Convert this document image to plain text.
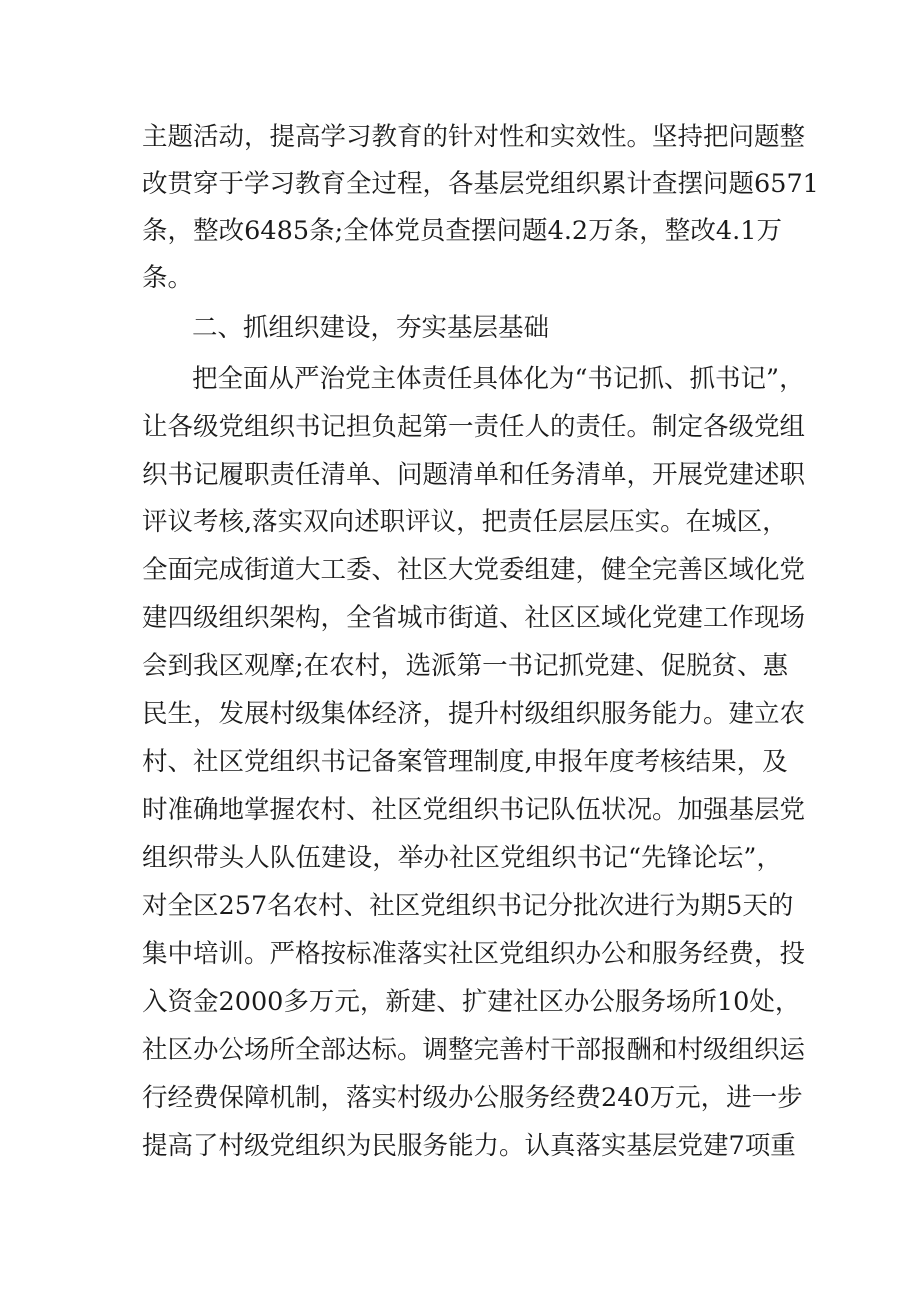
主题活动，提高学习教育的针对性和实效性。坚持把问题整

改贯穿于学习教育全过程，各基层党组织累计查摆问题6571

条，整改6485条;全体党员查摆问题4.2万条，整改4.1万

条。

二、抓组织建设，夯实基层基础

把全面从严治党主体责任具体化为“书记抓、抓书记”，

让各级党组织书记担负起第一责任人的责任。制定各级党组

织书记履职责任清单、问题清单和任务清单，开展党建述职

评议考核,落实双向述职评议，把责任层层压实。在城区，

全面完成街道大工委、社区大党委组建，健全完善区域化党

建四级组织架构，全省城市街道、社区区域化党建工作现场

会到我区观摩;在农村，选派第一书记抓党建、促脱贫、惠

民生，发展村级集体经济，提升村级组织服务能力。建立农

村、社区党组织书记备案管理制度,申报年度考核结果，及

时准确地掌握农村、社区党组织书记队伍状况。加强基层党

组织带头人队伍建设，举办社区党组织书记“先锋论坛”，

对全区257名农村、社区党组织书记分批次进行为期5天的

集中培训。严格按标准落实社区党组织办公和服务经费，投

入资金2000多万元，新建、扩建社区办公服务场所10处，

社区办公场所全部达标。调整完善村干部报酬和村级组织运

行经费保障机制，落实村级办公服务经费240万元，进一步

提高了村级党组织为民服务能力。认真落实基层党建7项重
